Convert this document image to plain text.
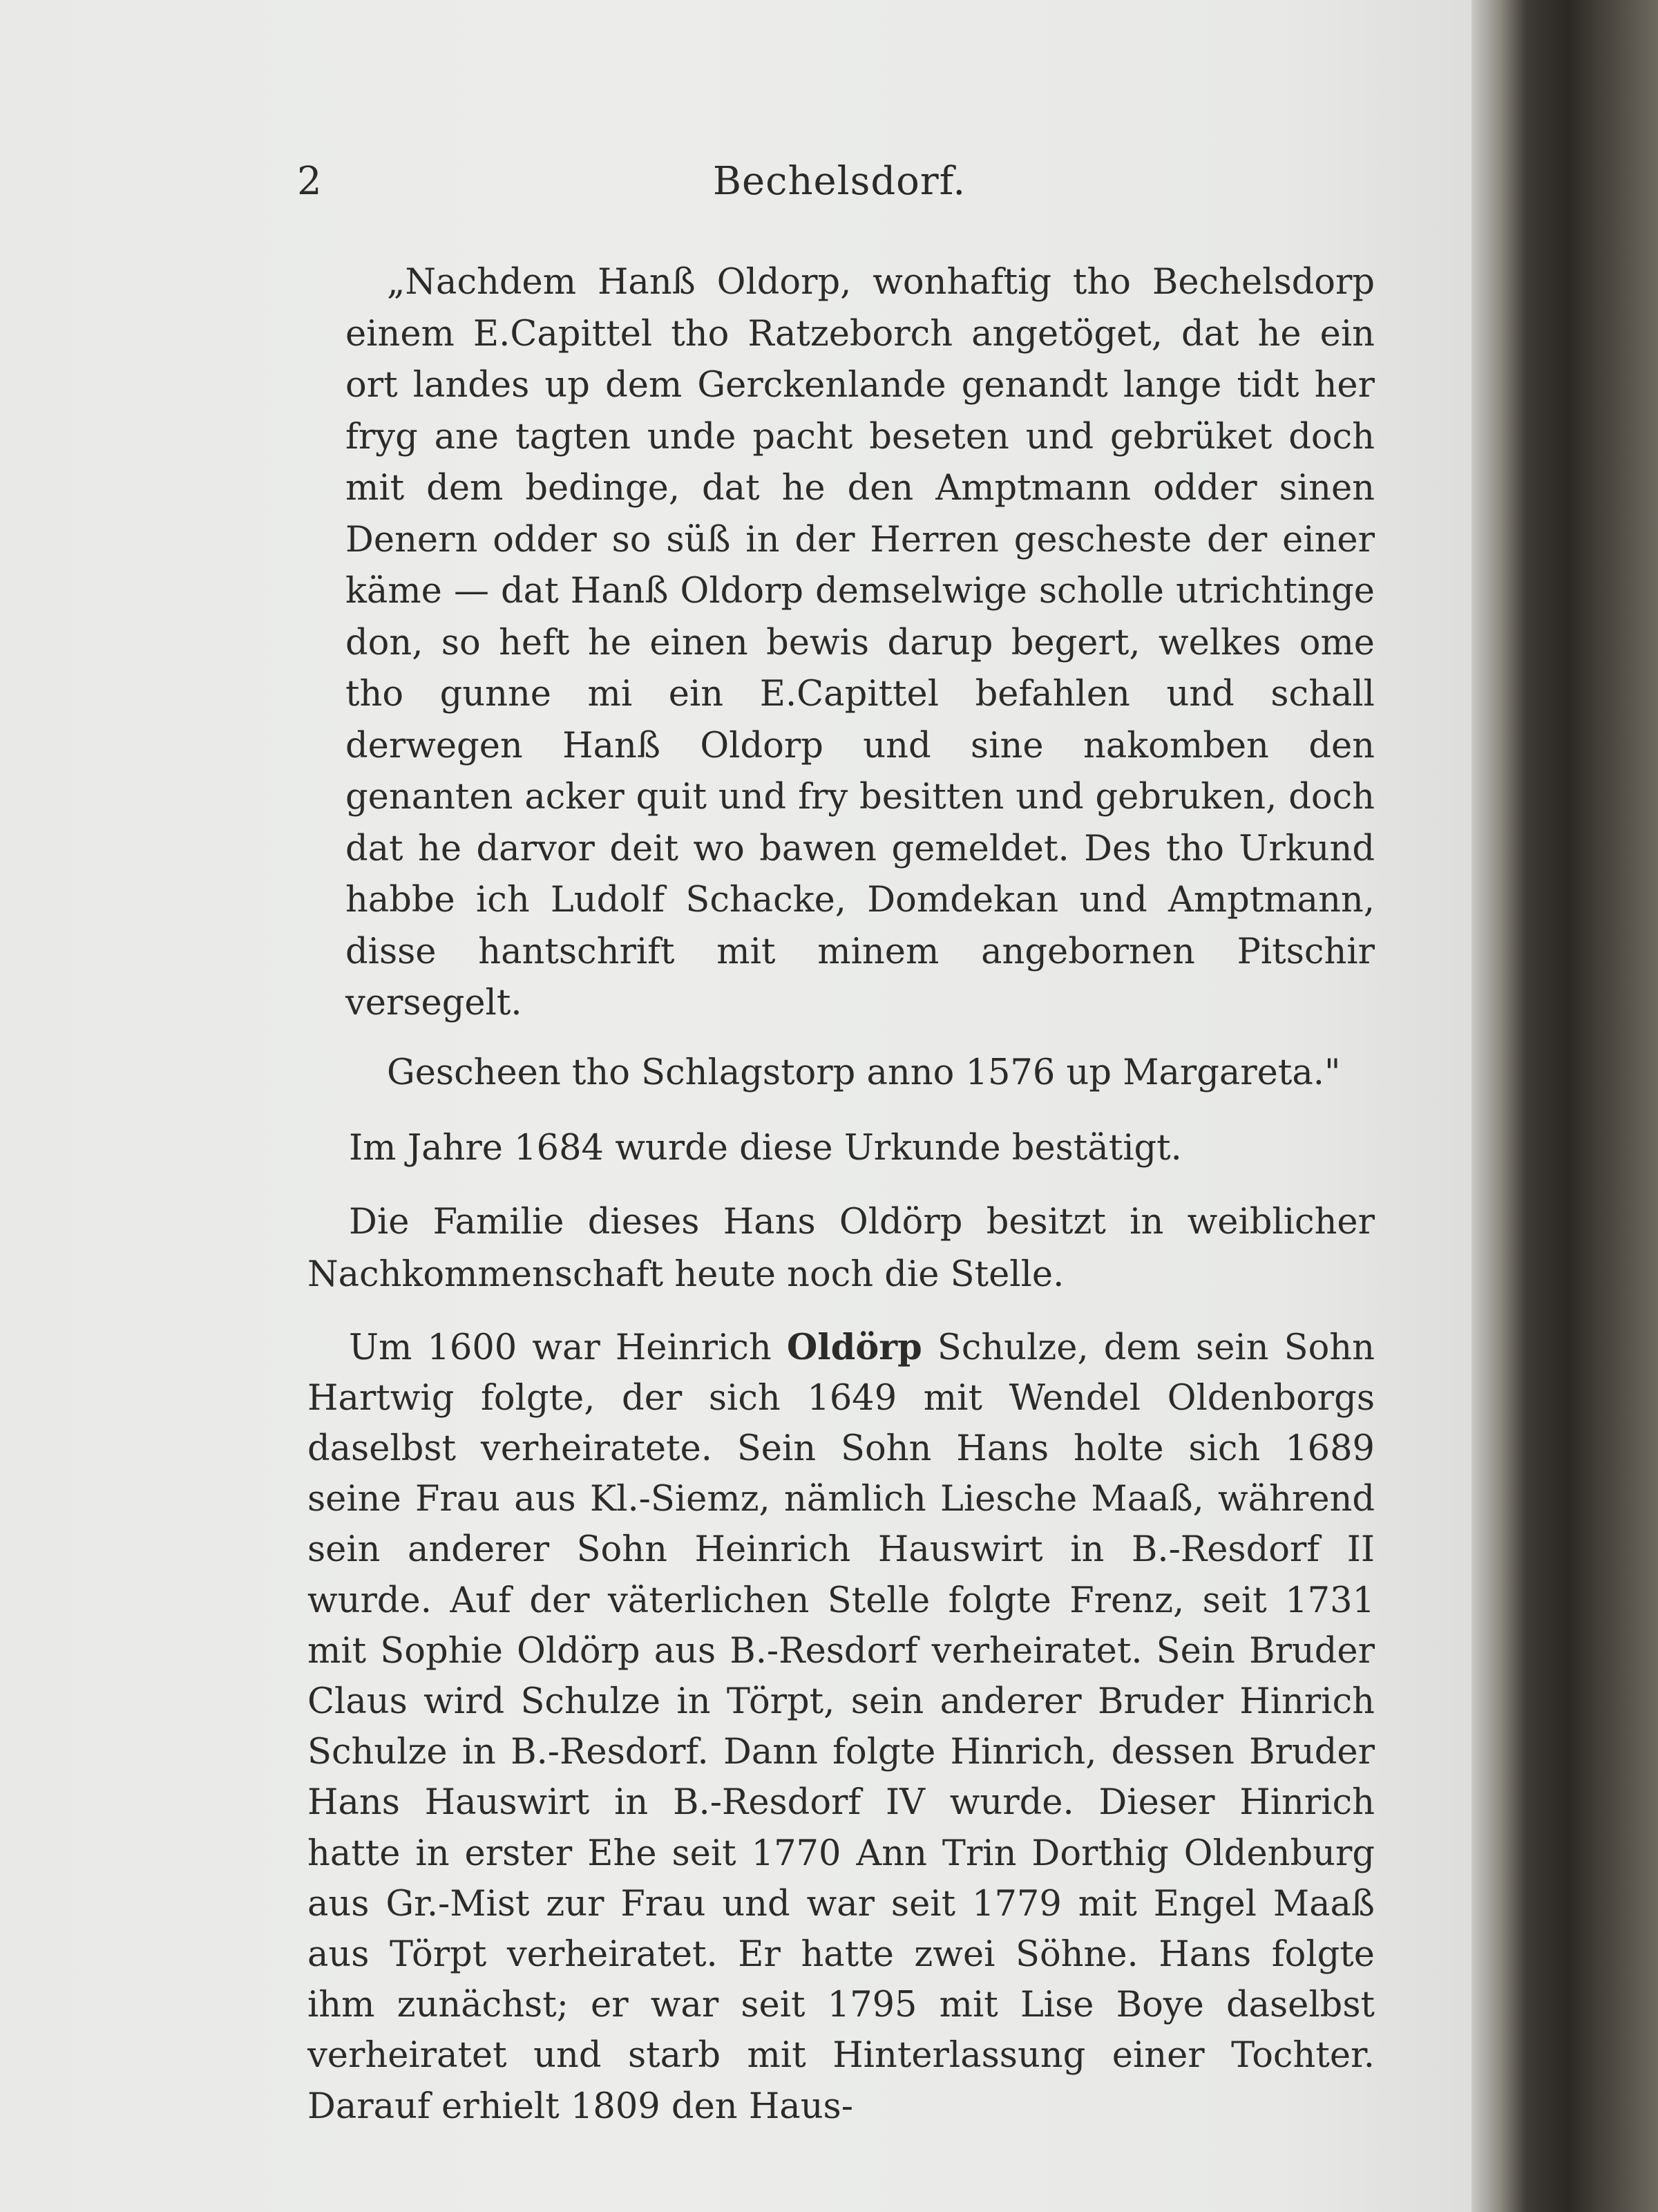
2	Bechelsdorf.

„Nachdem Hanß Oldorp, wonhaftig tho Bechelsdorp einem E.Capittel tho Ratzeborch angetöget, dat he ein ort landes up dem Gerckenlande genandt lange tidt her fryg ane tagten unde pacht beseten und gebrüket doch mit dem bedinge, dat he den Amptmann odder sinen Denern odder so süß in der Herren gescheste der einer käme — dat Hanß Oldorp demselwige scholle utrichtinge don, so heft he einen bewis darup begert, welkes ome tho gunne mi ein E.Capittel befahlen und schall derwegen Hanß Oldorp und sine nakomben den genanten acker quit und fry besitten und gebruken, doch dat he darvor deit wo bawen gemeldet. Des tho Urkund habbe ich Ludolf Schacke, Domdekan und Amptmann, disse hantschrift mit minem angebornen Pitschir versegelt.

Gescheen tho Schlagstorp anno 1576 up Margareta."

Im Jahre 1684 wurde diese Urkunde bestätigt.

Die Familie dieses Hans Oldörp besitzt in weiblicher Nachkommenschaft heute noch die Stelle.

Um 1600 war Heinrich Oldörp Schulze, dem sein Sohn Hartwig folgte, der sich 1649 mit Wendel Oldenborgs daselbst verheiratete. Sein Sohn Hans holte sich 1689 seine Frau aus Kl.-Siemz, nämlich Liesche Maaß, während sein anderer Sohn Heinrich Hauswirt in B.-Resdorf II wurde. Auf der väterlichen Stelle folgte Frenz, seit 1731 mit Sophie Oldörp aus B.-Resdorf verheiratet. Sein Bruder Claus wird Schulze in Törpt, sein anderer Bruder Hinrich Schulze in B.-Resdorf. Dann folgte Hinrich, dessen Bruder Hans Hauswirt in B.-Resdorf IV wurde. Dieser Hinrich hatte in erster Ehe seit 1770 Ann Trin Dorthig Oldenburg aus Gr.-Mist zur Frau und war seit 1779 mit Engel Maaß aus Törpt verheiratet. Er hatte zwei Söhne. Hans folgte ihm zunächst; er war seit 1795 mit Lise Boye daselbst verheiratet und starb mit Hinterlassung einer Tochter. Darauf erhielt 1809 den Haus-
